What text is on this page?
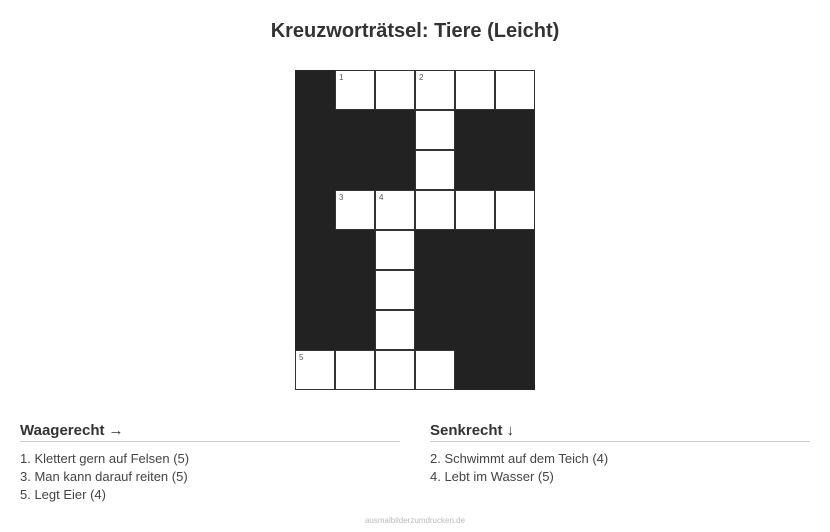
Kreuzworträtsel: Tiere (Leicht)
1	2
3	4
5
Waagerecht →
1. Klettert gern auf Felsen (5)
3. Man kann darauf reiten (5)
5. Legt Eier (4)
Senkrecht ↓
2. Schwimmt auf dem Teich (4)
4. Lebt im Wasser (5)
ausmalbilderzumdrucken.de
